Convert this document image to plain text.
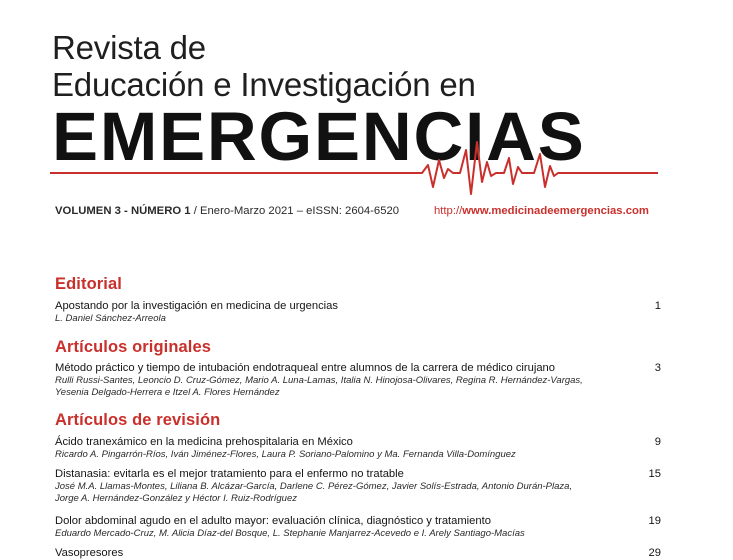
Revista de
Educación e Investigación en
EMERGENCIAS
VOLUMEN 3 - NÚMERO 1 / Enero-Marzo 2021 – eISSN: 2604-6520	http://www.medicinadeemergencias.com
Editorial
Apostando por la investigación en medicina de urgencias
L. Daniel Sánchez-Arreola
1
Artículos originales
Método práctico y tiempo de intubación endotraqueal entre alumnos de la carrera de médico cirujano
Rulli Russi-Santes, Leoncio D. Cruz-Gómez, Mario A. Luna-Lamas, Italia N. Hinojosa-Olivares, Regina R. Hernández-Vargas,
Yesenia Delgado-Herrera e Itzel A. Flores Hernández
3
Artículos de revisión
Ácido tranexámico en la medicina prehospitalaria en México
Ricardo A. Pingarrón-Ríos, Iván Jiménez-Flores, Laura P. Soriano-Palomino y Ma. Fernanda Villa-Domínguez
9
Distanasia: evitarla es el mejor tratamiento para el enfermo no tratable
José M.A. Llamas-Montes, Liliana B. Alcázar-García, Darlene C. Pérez-Gómez, Javier Solís-Estrada, Antonio Durán-Plaza,
Jorge A. Hernández-González y Héctor I. Ruiz-Rodríguez
15
Dolor abdominal agudo en el adulto mayor: evaluación clínica, diagnóstico y tratamiento
Eduardo Mercado-Cruz, M. Alicia Díaz-del Bosque, L. Stephanie Manjarrez-Acevedo e I. Arely Santiago-Macías
19
Vasopresores	29
